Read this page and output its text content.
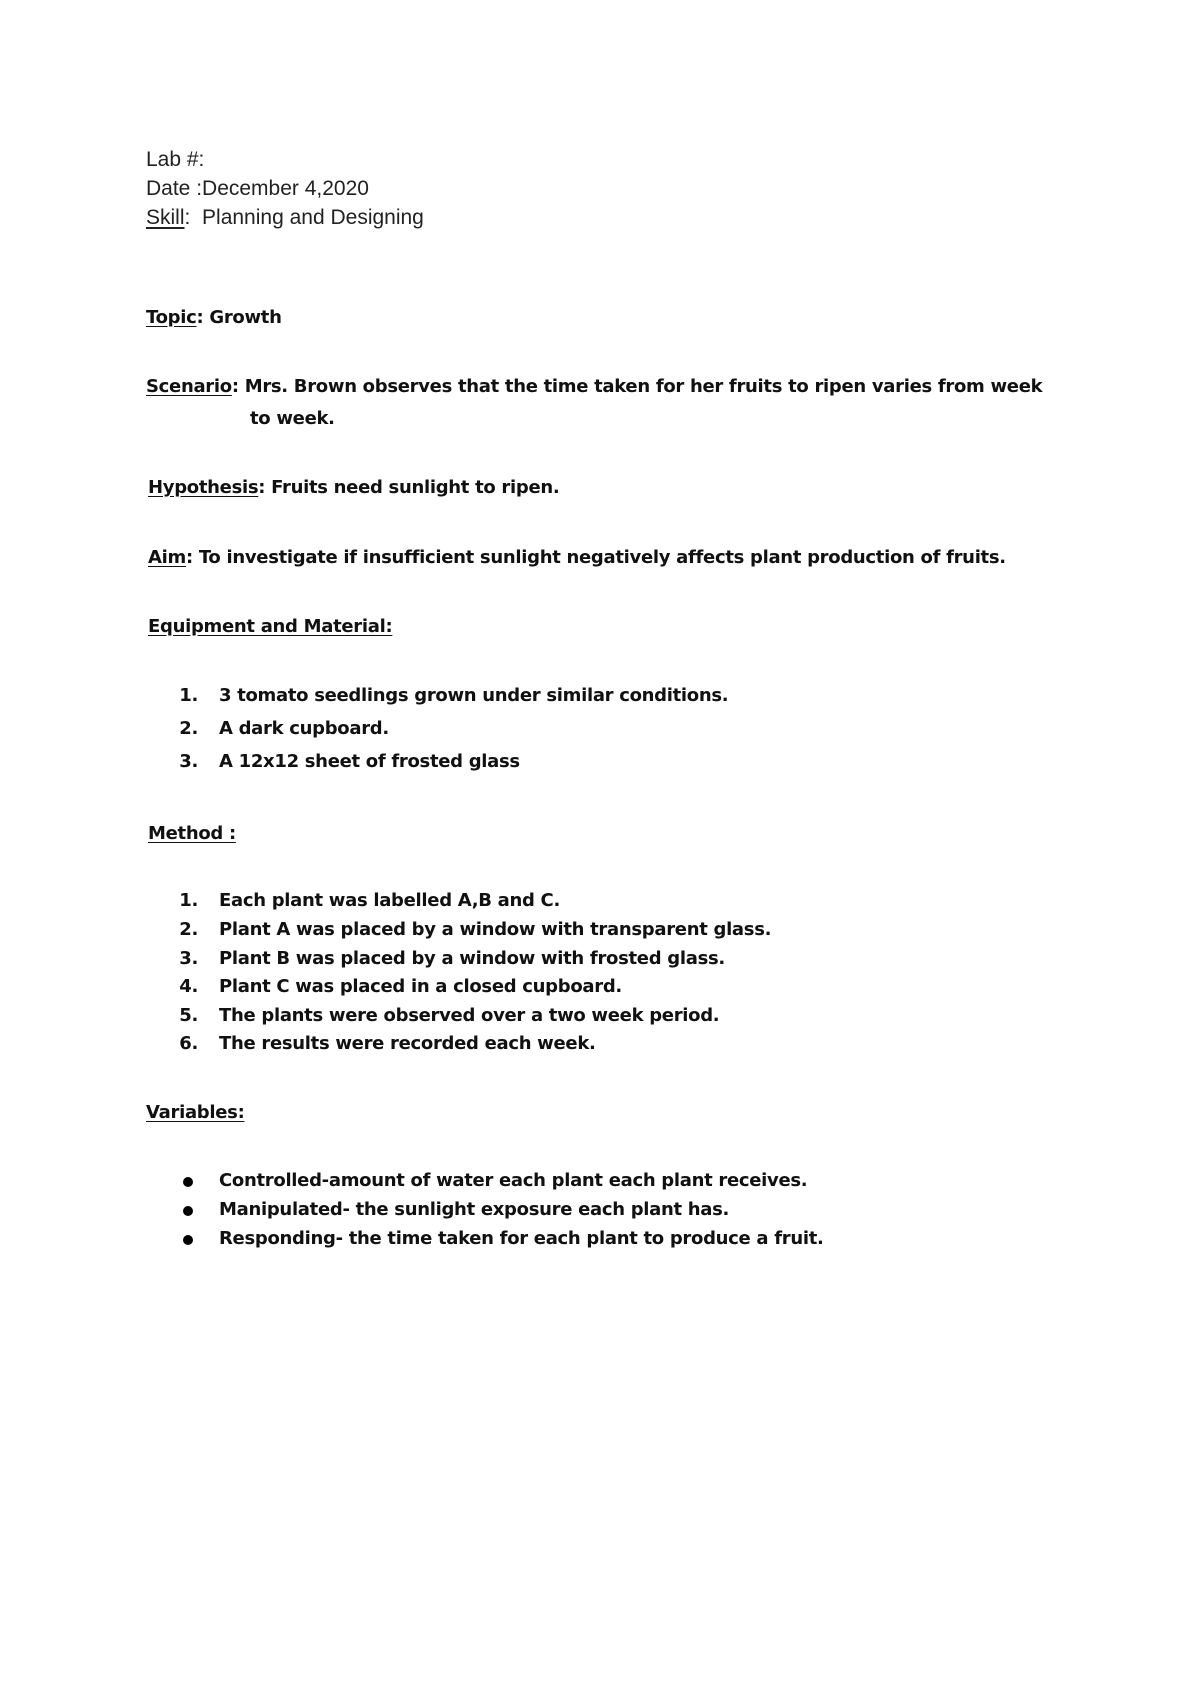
Lab #:
Date :December 4,2020
Skill: Planning and Designing
Topic: Growth
Scenario: Mrs. Brown observes that the time taken for her fruits to ripen varies from week
to week.
Hypothesis: Fruits need sunlight to ripen.
Aim: To investigate if insufficient sunlight negatively affects plant production of fruits.
Equipment and Material:
1. 3 tomato seedlings grown under similar conditions.
2. A dark cupboard.
3. A 12x12 sheet of frosted glass
Method :
1. Each plant was labelled A,B and C.
2. Plant A was placed by a window with transparent glass.
3. Plant B was placed by a window with frosted glass.
4. Plant C was placed in a closed cupboard.
5. The plants were observed over a two week period.
6. The results were recorded each week.
Variables:
Controlled-amount of water each plant each plant receives.
Manipulated- the sunlight exposure each plant has.
Responding- the time taken for each plant to produce a fruit.
